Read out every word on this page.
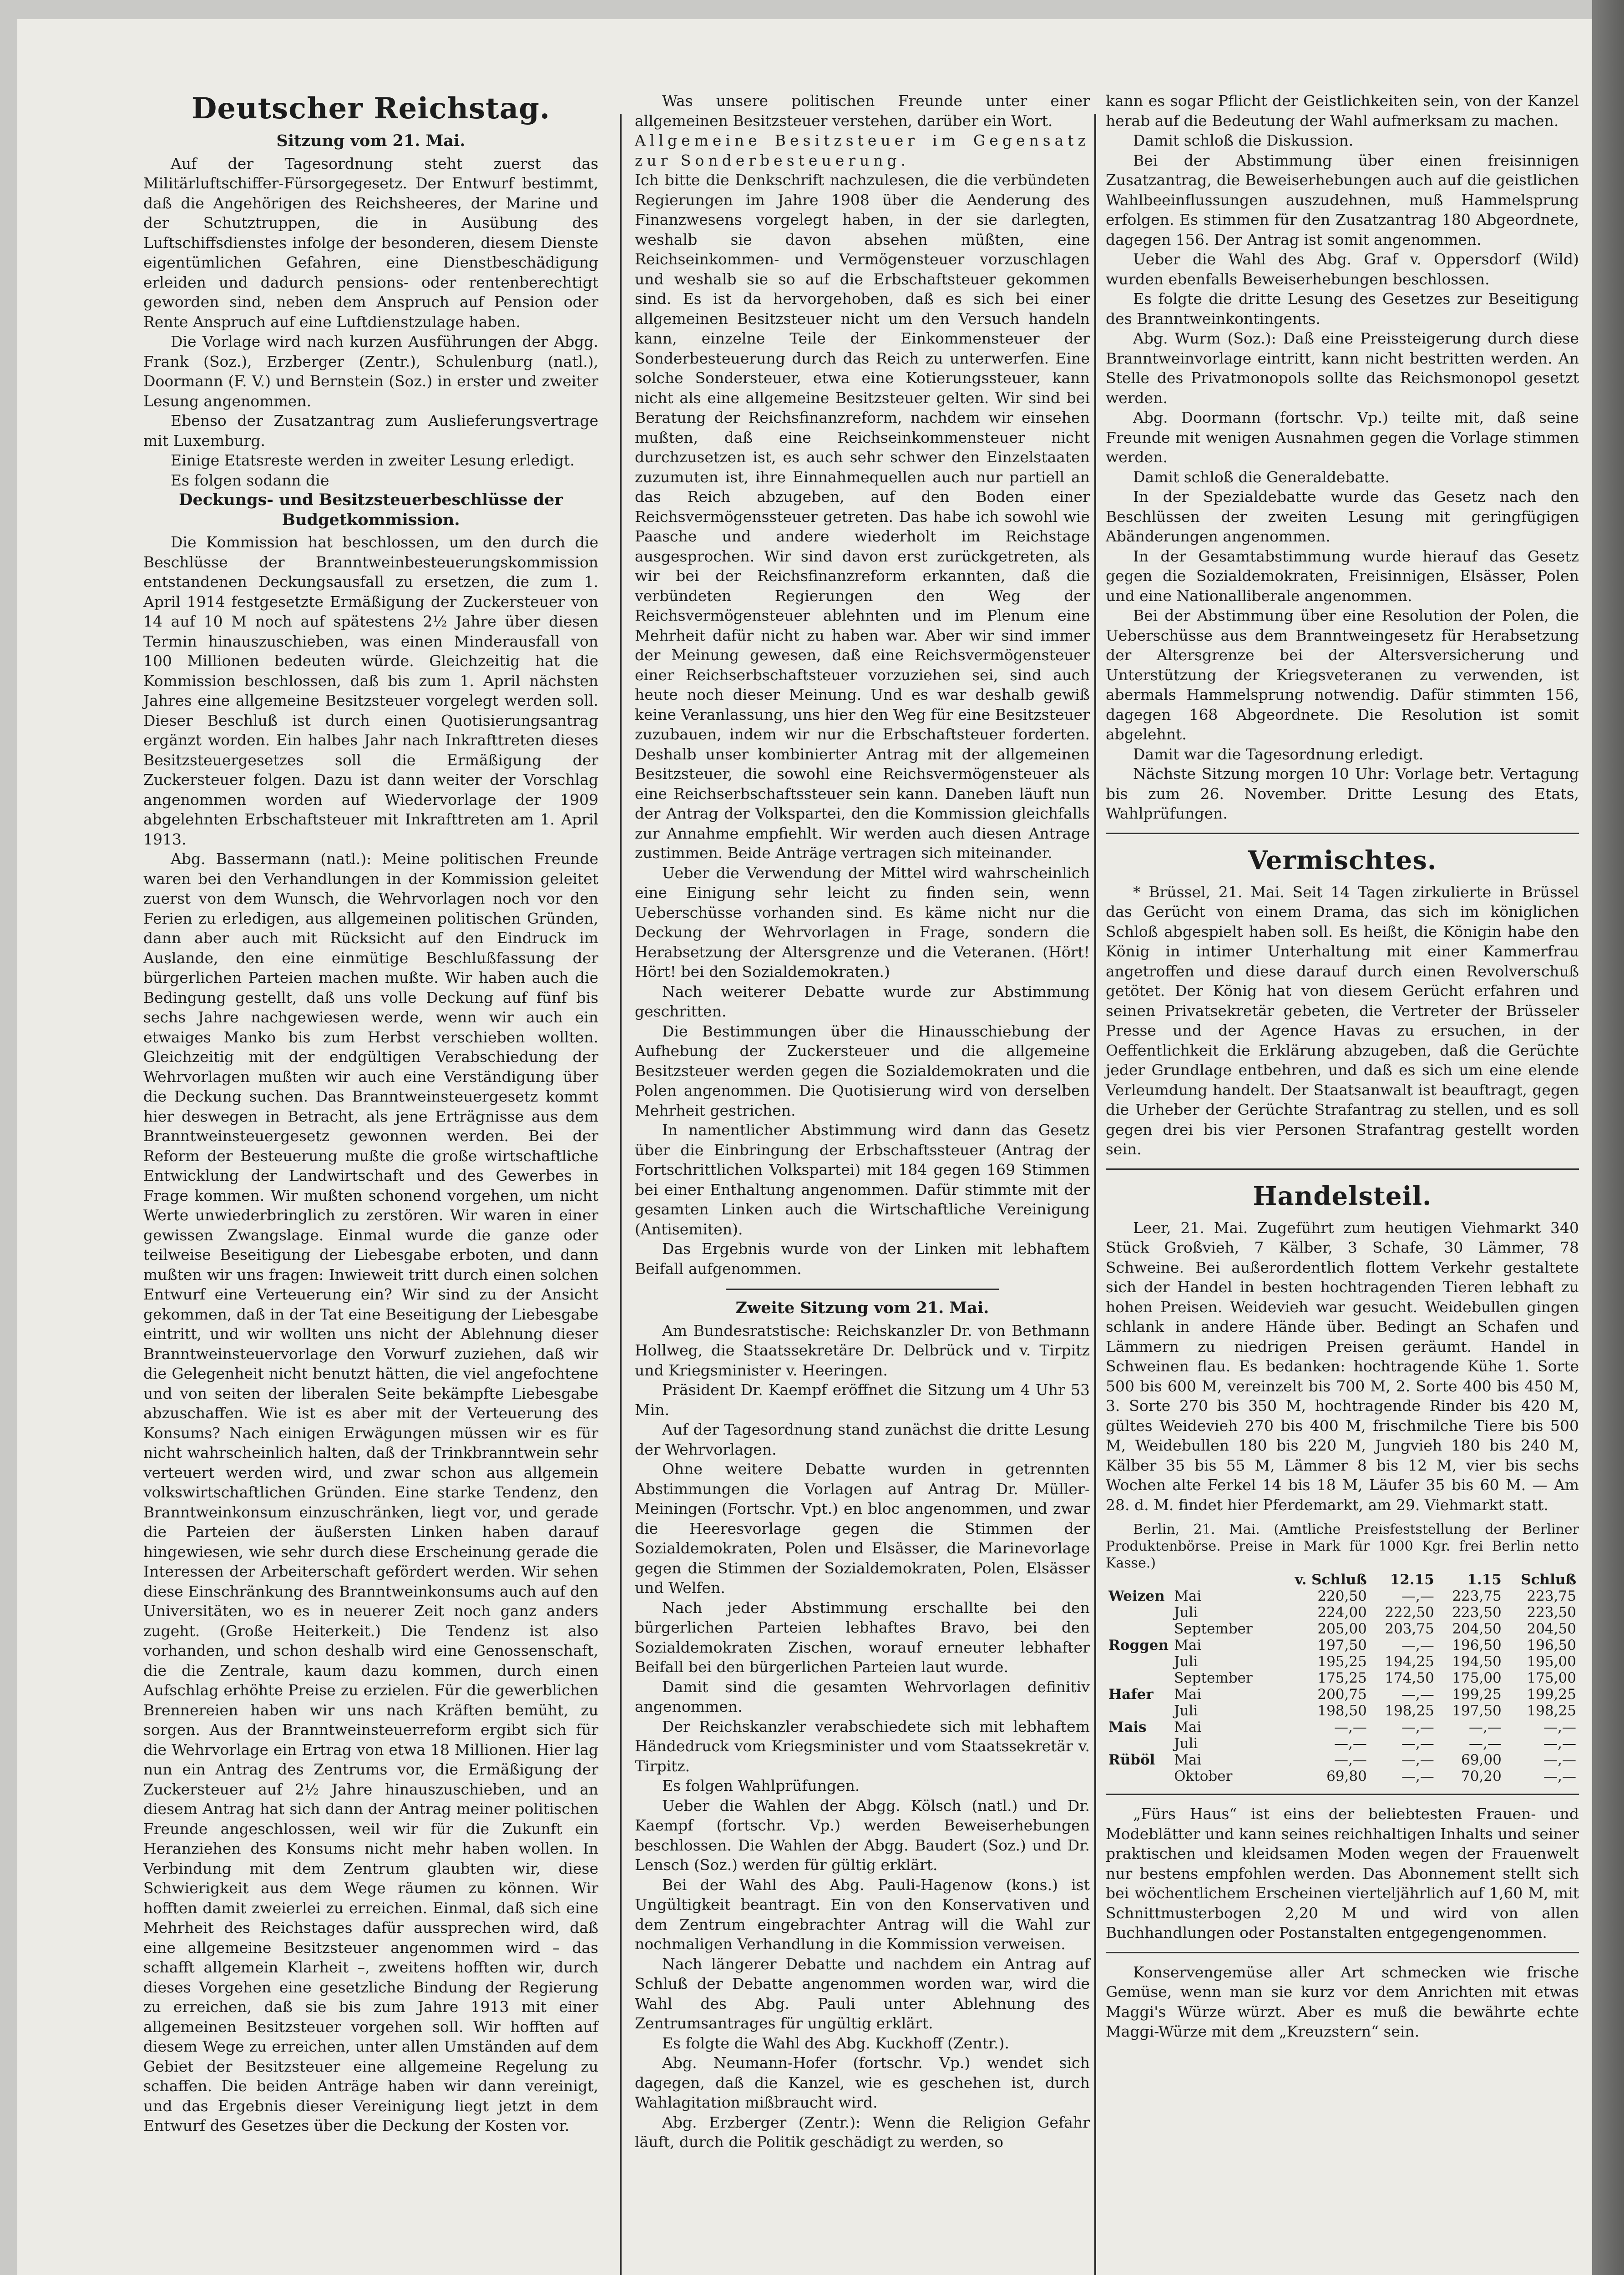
Deutscher Reichstag.
Sitzung vom 21. Mai.

Auf der Tagesordnung steht zuerst das Militärluftschiffer-Fürsorgegesetz. Der Entwurf bestimmt, daß die Angehörigen des Reichsheeres, der Marine und der Schutztruppen, die in Ausübung des Luftschiffsdienstes infolge der besonderen, diesem Dienste eigentümlichen Gefahren, eine Dienstbeschädigung erleiden und dadurch pensions- oder rentenberechtigt geworden sind, neben dem Anspruch auf Pension oder Rente Anspruch auf eine Luftdienstzulage haben.

Die Vorlage wird nach kurzen Ausführungen der Abgg. Frank (Soz.), Erzberger (Zentr.), Schulenburg (natl.), Doormann (F. V.) und Bernstein (Soz.) in erster und zweiter Lesung angenommen.

Ebenso der Zusatzantrag zum Auslieferungsvertrage mit Luxemburg.

Einige Etatsreste werden in zweiter Lesung erledigt.

Es folgen sodann die

Deckungs- und Besitzsteuerbeschlüsse der Budgetkommission.

Die Kommission hat beschlossen, um den durch die Beschlüsse der Branntweinbesteuerungskommission entstandenen Deckungsausfall zu ersetzen, die zum 1. April 1914 festgesetzte Ermäßigung der Zuckersteuer von 14 auf 10 M noch auf spätestens 2½ Jahre über diesen Termin hinauszuschieben, was einen Minderausfall von 100 Millionen bedeuten würde. Gleichzeitig hat die Kommission beschlossen, daß bis zum 1. April nächsten Jahres eine allgemeine Besitzsteuer vorgelegt werden soll. Dieser Beschluß ist durch einen Quotisierungsantrag ergänzt worden. Ein halbes Jahr nach Inkrafttreten dieses Besitzsteuergesetzes soll die Ermäßigung der Zuckersteuer folgen. Dazu ist dann weiter der Vorschlag angenommen worden auf Wiedervorlage der 1909 abgelehnten Erbschaftsteuer mit Inkrafttreten am 1. April 1913.

Abg. Bassermann (natl.): Meine politischen Freunde waren bei den Verhandlungen in der Kommission geleitet zuerst von dem Wunsch, die Wehrvorlagen noch vor den Ferien zu erledigen, aus allgemeinen politischen Gründen, dann aber auch mit Rücksicht auf den Eindruck im Auslande, den eine einmütige Beschlußfassung der bürgerlichen Parteien machen mußte. Wir haben auch die Bedingung gestellt, daß uns volle Deckung auf fünf bis sechs Jahre nachgewiesen werde, wenn wir auch ein etwaiges Manko bis zum Herbst verschieben wollten. Gleichzeitig mit der endgültigen Verabschiedung der Wehrvorlagen mußten wir auch eine Verständigung über die Deckung suchen. Das Branntweinsteuergesetz kommt hier deswegen in Betracht, als jene Erträgnisse aus dem Branntweinsteuergesetz gewonnen werden. Bei der Reform der Besteuerung mußte die große wirtschaftliche Entwicklung der Landwirtschaft und des Gewerbes in Frage kommen. Wir mußten schonend vorgehen, um nicht Werte unwiederbringlich zu zerstören. Wir waren in einer gewissen Zwangslage. Einmal wurde die ganze oder teilweise Beseitigung der Liebesgabe erboten, und dann mußten wir uns fragen: Inwieweit tritt durch einen solchen Entwurf eine Verteuerung ein? Wir sind zu der Ansicht gekommen, daß in der Tat eine Beseitigung der Liebesgabe eintritt, und wir wollten uns nicht der Ablehnung dieser Branntweinsteuervorlage den Vorwurf zuziehen, daß wir die Gelegenheit nicht benutzt hätten, die viel angefochtene und von seiten der liberalen Seite bekämpfte Liebesgabe abzuschaffen. Wie ist es aber mit der Verteuerung des Konsums? Nach einigen Erwägungen müssen wir es für nicht wahrscheinlich halten, daß der Trinkbranntwein sehr verteuert werden wird, und zwar schon aus allgemein volkswirtschaftlichen Gründen. Eine starke Tendenz, den Branntweinkonsum einzuschränken, liegt vor, und gerade die Parteien der äußersten Linken haben darauf hingewiesen, wie sehr durch diese Erscheinung gerade die Interessen der Arbeiterschaft gefördert werden. Wir sehen diese Einschränkung des Branntweinkonsums auch auf den Universitäten, wo es in neuerer Zeit noch ganz anders zugeht. (Große Heiterkeit.) Die Tendenz ist also vorhanden, und schon deshalb wird eine Genossenschaft, die die Zentrale, kaum dazu kommen, durch einen Aufschlag erhöhte Preise zu erzielen. Für die gewerblichen Brennereien haben wir uns nach Kräften bemüht, zu sorgen. Aus der Branntweinsteuerreform ergibt sich für die Wehrvorlage ein Ertrag von etwa 18 Millionen. Hier lag nun ein Antrag des Zentrums vor, die Ermäßigung der Zuckersteuer auf 2½ Jahre hinauszuschieben, und an diesem Antrag hat sich dann der Antrag meiner politischen Freunde angeschlossen, weil wir für die Zukunft ein Heranziehen des Konsums nicht mehr haben wollen. In Verbindung mit dem Zentrum glaubten wir, diese Schwierigkeit aus dem Wege räumen zu können. Wir hofften damit zweierlei zu erreichen. Einmal, daß sich eine Mehrheit des Reichstages dafür aussprechen wird, daß eine allgemeine Besitzsteuer angenommen wird – das schafft allgemein Klarheit –, zweitens hofften wir, durch dieses Vorgehen eine gesetzliche Bindung der Regierung zu erreichen, daß sie bis zum Jahre 1913 mit einer allgemeinen Besitzsteuer vorgehen soll. Wir hofften auf diesem Wege zu erreichen, unter allen Umständen auf dem Gebiet der Besitzsteuer eine allgemeine Regelung zu schaffen. Die beiden Anträge haben wir dann vereinigt, und das Ergebnis dieser Vereinigung liegt jetzt in dem Entwurf des Gesetzes über die Deckung der Kosten vor.

Was unsere politischen Freunde unter einer allgemeinen Besitzsteuer verstehen, darüber ein Wort.

Allgemeine Besitzsteuer im Gegensatz zur Sonderbesteuerung.

Ich bitte die Denkschrift nachzulesen, die die verbündeten Regierungen im Jahre 1908 über die Aenderung des Finanzwesens vorgelegt haben, in der sie darlegten, weshalb sie davon absehen müßten, eine Reichseinkommen- und Vermögensteuer vorzuschlagen und weshalb sie so auf die Erbschaftsteuer gekommen sind. Es ist da hervorgehoben, daß es sich bei einer allgemeinen Besitzsteuer nicht um den Versuch handeln kann, einzelne Teile der Einkommensteuer der Sonderbesteuerung durch das Reich zu unterwerfen. Eine solche Sondersteuer, etwa eine Kotierungssteuer, kann nicht als eine allgemeine Besitzsteuer gelten. Wir sind bei Beratung der Reichsfinanzreform, nachdem wir einsehen mußten, daß eine Reichseinkommensteuer nicht durchzusetzen ist, es auch sehr schwer den Einzelstaaten zuzumuten ist, ihre Einnahmequellen auch nur partiell an das Reich abzugeben, auf den Boden einer Reichsvermögenssteuer getreten. Das habe ich sowohl wie Paasche und andere wiederholt im Reichstage ausgesprochen. Wir sind davon erst zurückgetreten, als wir bei der Reichsfinanzreform erkannten, daß die verbündeten Regierungen den Weg der Reichsvermögensteuer ablehnten und im Plenum eine Mehrheit dafür nicht zu haben war. Aber wir sind immer der Meinung gewesen, daß eine Reichsvermögensteuer einer Reichserbschaftsteuer vorzuziehen sei, sind auch heute noch dieser Meinung. Und es war deshalb gewiß keine Veranlassung, uns hier den Weg für eine Besitzsteuer zuzubauen, indem wir nur die Erbschaftsteuer forderten. Deshalb unser kombinierter Antrag mit der allgemeinen Besitzsteuer, die sowohl eine Reichsvermögensteuer als eine Reichserbschaftssteuer sein kann. Daneben läuft nun der Antrag der Volkspartei, den die Kommission gleichfalls zur Annahme empfiehlt. Wir werden auch diesen Antrage zustimmen. Beide Anträge vertragen sich miteinander.

Ueber die Verwendung der Mittel wird wahrscheinlich eine Einigung sehr leicht zu finden sein, wenn Ueberschüsse vorhanden sind. Es käme nicht nur die Deckung der Wehrvorlagen in Frage, sondern die Herabsetzung der Altersgrenze und die Veteranen. (Hört! Hört! bei den Sozialdemokraten.)

Nach weiterer Debatte wurde zur Abstimmung geschritten.

Die Bestimmungen über die Hinausschiebung der Aufhebung der Zuckersteuer und die allgemeine Besitzsteuer werden gegen die Sozialdemokraten und die Polen angenommen. Die Quotisierung wird von derselben Mehrheit gestrichen.

In namentlicher Abstimmung wird dann das Gesetz über die Einbringung der Erbschaftssteuer (Antrag der Fortschrittlichen Volkspartei) mit 184 gegen 169 Stimmen bei einer Enthaltung angenommen. Dafür stimmte mit der gesamten Linken auch die Wirtschaftliche Vereinigung (Antisemiten).

Das Ergebnis wurde von der Linken mit lebhaftem Beifall aufgenommen.

Zweite Sitzung vom 21. Mai.

Am Bundesratstische: Reichskanzler Dr. von Bethmann Hollweg, die Staatssekretäre Dr. Delbrück und v. Tirpitz und Kriegsminister v. Heeringen.

Präsident Dr. Kaempf eröffnet die Sitzung um 4 Uhr 53 Min.

Auf der Tagesordnung stand zunächst die dritte Lesung der Wehrvorlagen.

Ohne weitere Debatte wurden in getrennten Abstimmungen die Vorlagen auf Antrag Dr. Müller-Meiningen (Fortschr. Vpt.) en bloc angenommen, und zwar die Heeresvorlage gegen die Stimmen der Sozialdemokraten, Polen und Elsässer, die Marinevorlage gegen die Stimmen der Sozialdemokraten, Polen, Elsässer und Welfen.

Nach jeder Abstimmung erschallte bei den bürgerlichen Parteien lebhaftes Bravo, bei den Sozialdemokraten Zischen, worauf erneuter lebhafter Beifall bei den bürgerlichen Parteien laut wurde.

Damit sind die gesamten Wehrvorlagen definitiv angenommen.

Der Reichskanzler verabschiedete sich mit lebhaftem Händedruck vom Kriegsminister und vom Staatssekretär v. Tirpitz.

Es folgen Wahlprüfungen.

Ueber die Wahlen der Abgg. Kölsch (natl.) und Dr. Kaempf (fortschr. Vp.) werden Beweiserhebungen beschlossen. Die Wahlen der Abgg. Baudert (Soz.) und Dr. Lensch (Soz.) werden für gültig erklärt.

Bei der Wahl des Abg. Pauli-Hagenow (kons.) ist Ungültigkeit beantragt. Ein von den Konservativen und dem Zentrum eingebrachter Antrag will die Wahl zur nochmaligen Verhandlung in die Kommission verweisen.

Nach längerer Debatte und nachdem ein Antrag auf Schluß der Debatte angenommen worden war, wird die Wahl des Abg. Pauli unter Ablehnung des Zentrumsantrages für ungültig erklärt.

Es folgte die Wahl des Abg. Kuckhoff (Zentr.).

Abg. Neumann-Hofer (fortschr. Vp.) wendet sich dagegen, daß die Kanzel, wie es geschehen ist, durch Wahlagitation mißbraucht wird.

Abg. Erzberger (Zentr.): Wenn die Religion Gefahr läuft, durch die Politik geschädigt zu werden, so

kann es sogar Pflicht der Geistlichkeiten sein, von der Kanzel herab auf die Bedeutung der Wahl aufmerksam zu machen.

Damit schloß die Diskussion.

Bei der Abstimmung über einen freisinnigen Zusatzantrag, die Beweiserhebungen auch auf die geistlichen Wahlbeeinflussungen auszudehnen, muß Hammelsprung erfolgen. Es stimmen für den Zusatzantrag 180 Abgeordnete, dagegen 156. Der Antrag ist somit angenommen.

Ueber die Wahl des Abg. Graf v. Oppersdorf (Wild) wurden ebenfalls Beweiserhebungen beschlossen.

Es folgte die dritte Lesung des Gesetzes zur Beseitigung des Branntweinkontingents.

Abg. Wurm (Soz.): Daß eine Preissteigerung durch diese Branntweinvorlage eintritt, kann nicht bestritten werden. An Stelle des Privatmonopols sollte das Reichsmonopol gesetzt werden.

Abg. Doormann (fortschr. Vp.) teilte mit, daß seine Freunde mit wenigen Ausnahmen gegen die Vorlage stimmen werden.

Damit schloß die Generaldebatte.

In der Spezialdebatte wurde das Gesetz nach den Beschlüssen der zweiten Lesung mit geringfügigen Abänderungen angenommen.

In der Gesamtabstimmung wurde hierauf das Gesetz gegen die Sozialdemokraten, Freisinnigen, Elsässer, Polen und eine Nationalliberale angenommen.

Bei der Abstimmung über eine Resolution der Polen, die Ueberschüsse aus dem Branntweingesetz für Herabsetzung der Altersgrenze bei der Altersversicherung und Unterstützung der Kriegsveteranen zu verwenden, ist abermals Hammelsprung notwendig. Dafür stimmten 156, dagegen 168 Abgeordnete. Die Resolution ist somit abgelehnt.

Damit war die Tagesordnung erledigt.

Nächste Sitzung morgen 10 Uhr: Vorlage betr. Vertagung bis zum 26. November. Dritte Lesung des Etats, Wahlprüfungen.

Vermischtes.

* Brüssel, 21. Mai. Seit 14 Tagen zirkulierte in Brüssel das Gerücht von einem Drama, das sich im königlichen Schloß abgespielt haben soll. Es heißt, die Königin habe den König in intimer Unterhaltung mit einer Kammerfrau angetroffen und diese darauf durch einen Revolverschuß getötet. Der König hat von diesem Gerücht erfahren und seinen Privatsekretär gebeten, die Vertreter der Brüsseler Presse und der Agence Havas zu ersuchen, in der Oeffentlichkeit die Erklärung abzugeben, daß die Gerüchte jeder Grundlage entbehren, und daß es sich um eine elende Verleumdung handelt. Der Staatsanwalt ist beauftragt, gegen die Urheber der Gerüchte Strafantrag zu stellen, und es soll gegen drei bis vier Personen Strafantrag gestellt worden sein.

Handelsteil.

Leer, 21. Mai. Zugeführt zum heutigen Viehmarkt 340 Stück Großvieh, 7 Kälber, 3 Schafe, 30 Lämmer, 78 Schweine. Bei außerordentlich flottem Verkehr gestaltete sich der Handel in besten hochtragenden Tieren lebhaft zu hohen Preisen. Weidevieh war gesucht. Weidebullen gingen schlank in andere Hände über. Bedingt an Schafen und Lämmern zu niedrigen Preisen geräumt. Handel in Schweinen flau. Es bedanken: hochtragende Kühe 1. Sorte 500 bis 600 M, vereinzelt bis 700 M, 2. Sorte 400 bis 450 M, 3. Sorte 270 bis 350 M, hochtragende Rinder bis 420 M, gültes Weidevieh 270 bis 400 M, frischmilche Tiere bis 500 M, Weidebullen 180 bis 220 M, Jungvieh 180 bis 240 M, Kälber 35 bis 55 M, Lämmer 8 bis 12 M, vier bis sechs Wochen alte Ferkel 14 bis 18 M, Läufer 35 bis 60 M. — Am 28. d. M. findet hier Pferdemarkt, am 29. Viehmarkt statt.

Berlin, 21. Mai. (Amtliche Preisfeststellung der Berliner Produktenbörse. Preise in Mark für 1000 Kgr. frei Berlin netto Kasse.)

		v. Schluß	12.15	1.15	Schluß
Weizen	Mai	220,50	—,—	223,75	223,75
	Juli	224,00	222,50	223,50	223,50
	September	205,00	203,75	204,50	204,50
Roggen	Mai	197,50	—,—	196,50	196,50
	Juli	195,25	194,25	194,50	195,00
	September	175,25	174,50	175,00	175,00
Hafer	Mai	200,75	—,—	199,25	199,25
	Juli	198,50	198,25	197,50	198,25
Mais	Mai	—,—	—,—	—,—	—,—
	Juli	—,—	—,—	—,—	—,—
Rüböl	Mai	—,—	—,—	69,00	—,—
	Oktober	69,80	—,—	70,20	—,—

„Fürs Haus“ ist eins der beliebtesten Frauen- und Modeblätter und kann seines reichhaltigen Inhalts und seiner praktischen und kleidsamen Moden wegen der Frauenwelt nur bestens empfohlen werden. Das Abonnement stellt sich bei wöchentlichem Erscheinen vierteljährlich auf 1,60 M, mit Schnittmusterbogen 2,20 M und wird von allen Buchhandlungen oder Postanstalten entgegengenommen.

Konservengemüse aller Art schmecken wie frische Gemüse, wenn man sie kurz vor dem Anrichten mit etwas Maggi's Würze würzt. Aber es muß die bewährte echte Maggi-Würze mit dem „Kreuzstern“ sein.
